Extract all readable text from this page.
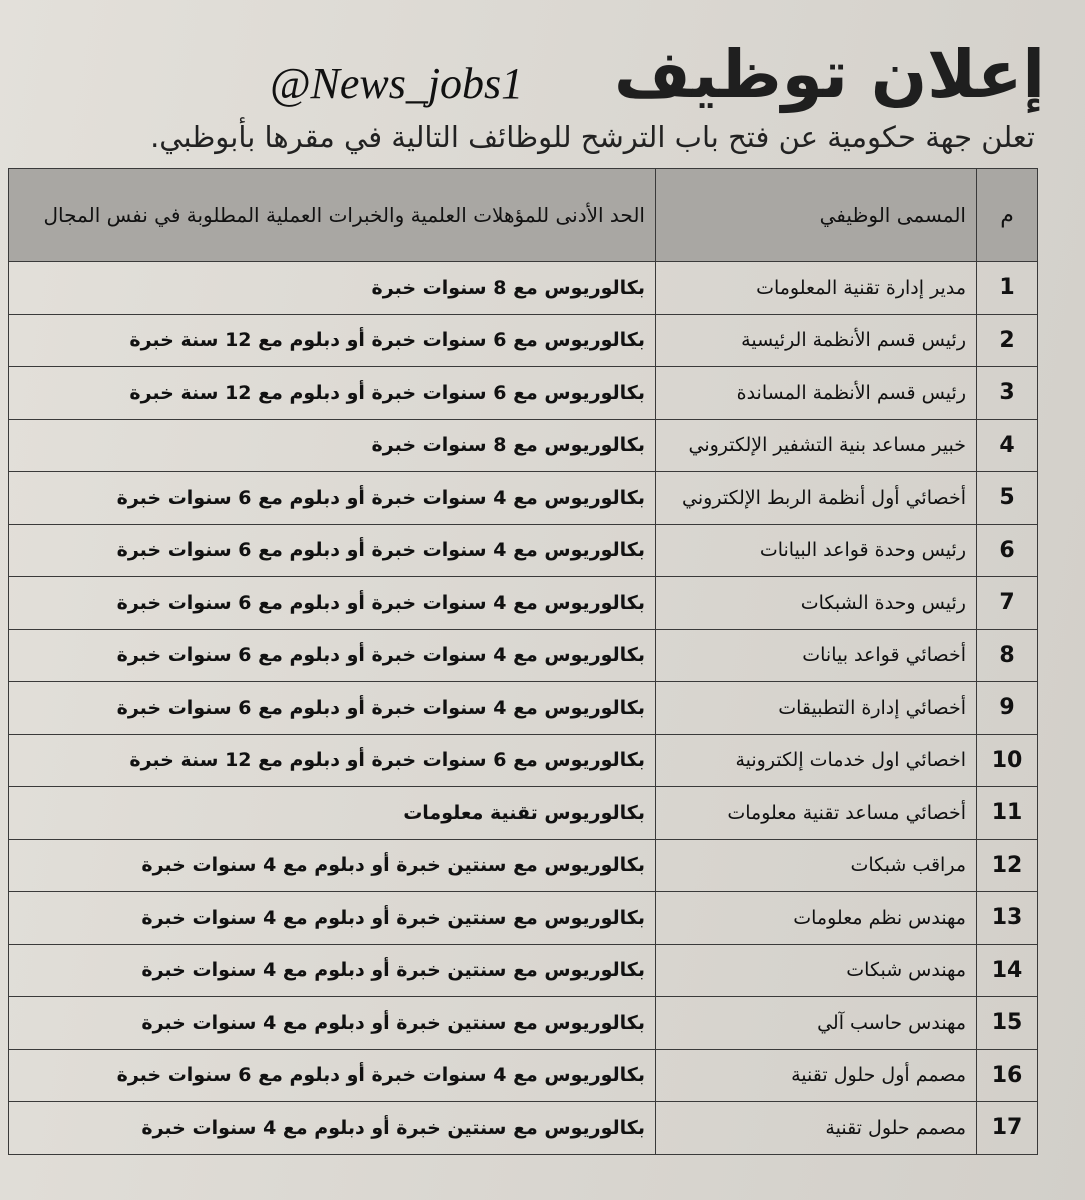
@News_jobs1 إعلان توظيف
تعلن جهة حكومية عن فتح باب الترشح للوظائف التالية في مقرها بأبوظبي.
م	المسمى الوظيفي	الحد الأدنى للمؤهلات العلمية والخبرات العملية المطلوبة في نفس المجال
1	مدير إدارة تقنية المعلومات	بكالوريوس مع 8 سنوات خبرة
2	رئيس قسم الأنظمة الرئيسية	بكالوريوس مع 6 سنوات خبرة أو دبلوم مع 12 سنة خبرة
3	رئيس قسم الأنظمة المساندة	بكالوريوس مع 6 سنوات خبرة أو دبلوم مع 12 سنة خبرة
4	خبير مساعد بنية التشفير الإلكتروني	بكالوريوس مع 8 سنوات خبرة
5	أخصائي أول أنظمة الربط الإلكتروني	بكالوريوس مع 4 سنوات خبرة أو دبلوم مع 6 سنوات خبرة
6	رئيس وحدة قواعد البيانات	بكالوريوس مع 4 سنوات خبرة أو دبلوم مع 6 سنوات خبرة
7	رئيس وحدة الشبكات	بكالوريوس مع 4 سنوات خبرة أو دبلوم مع 6 سنوات خبرة
8	أخصائي قواعد بيانات	بكالوريوس مع 4 سنوات خبرة أو دبلوم مع 6 سنوات خبرة
9	أخصائي إدارة التطبيقات	بكالوريوس مع 4 سنوات خبرة أو دبلوم مع 6 سنوات خبرة
10	اخصائي اول خدمات إلكترونية	بكالوريوس مع 6 سنوات خبرة أو دبلوم مع 12 سنة خبرة
11	أخصائي مساعد تقنية معلومات	بكالوريوس تقنية معلومات
12	مراقب شبكات	بكالوريوس مع سنتين خبرة أو دبلوم مع 4 سنوات خبرة
13	مهندس نظم معلومات	بكالوريوس مع سنتين خبرة أو دبلوم مع 4 سنوات خبرة
14	مهندس شبكات	بكالوريوس مع سنتين خبرة أو دبلوم مع 4 سنوات خبرة
15	مهندس حاسب آلي	بكالوريوس مع سنتين خبرة أو دبلوم مع 4 سنوات خبرة
16	مصمم أول حلول تقنية	بكالوريوس مع 4 سنوات خبرة أو دبلوم مع 6 سنوات خبرة
17	مصمم حلول تقنية	بكالوريوس مع سنتين خبرة أو دبلوم مع 4 سنوات خبرة
